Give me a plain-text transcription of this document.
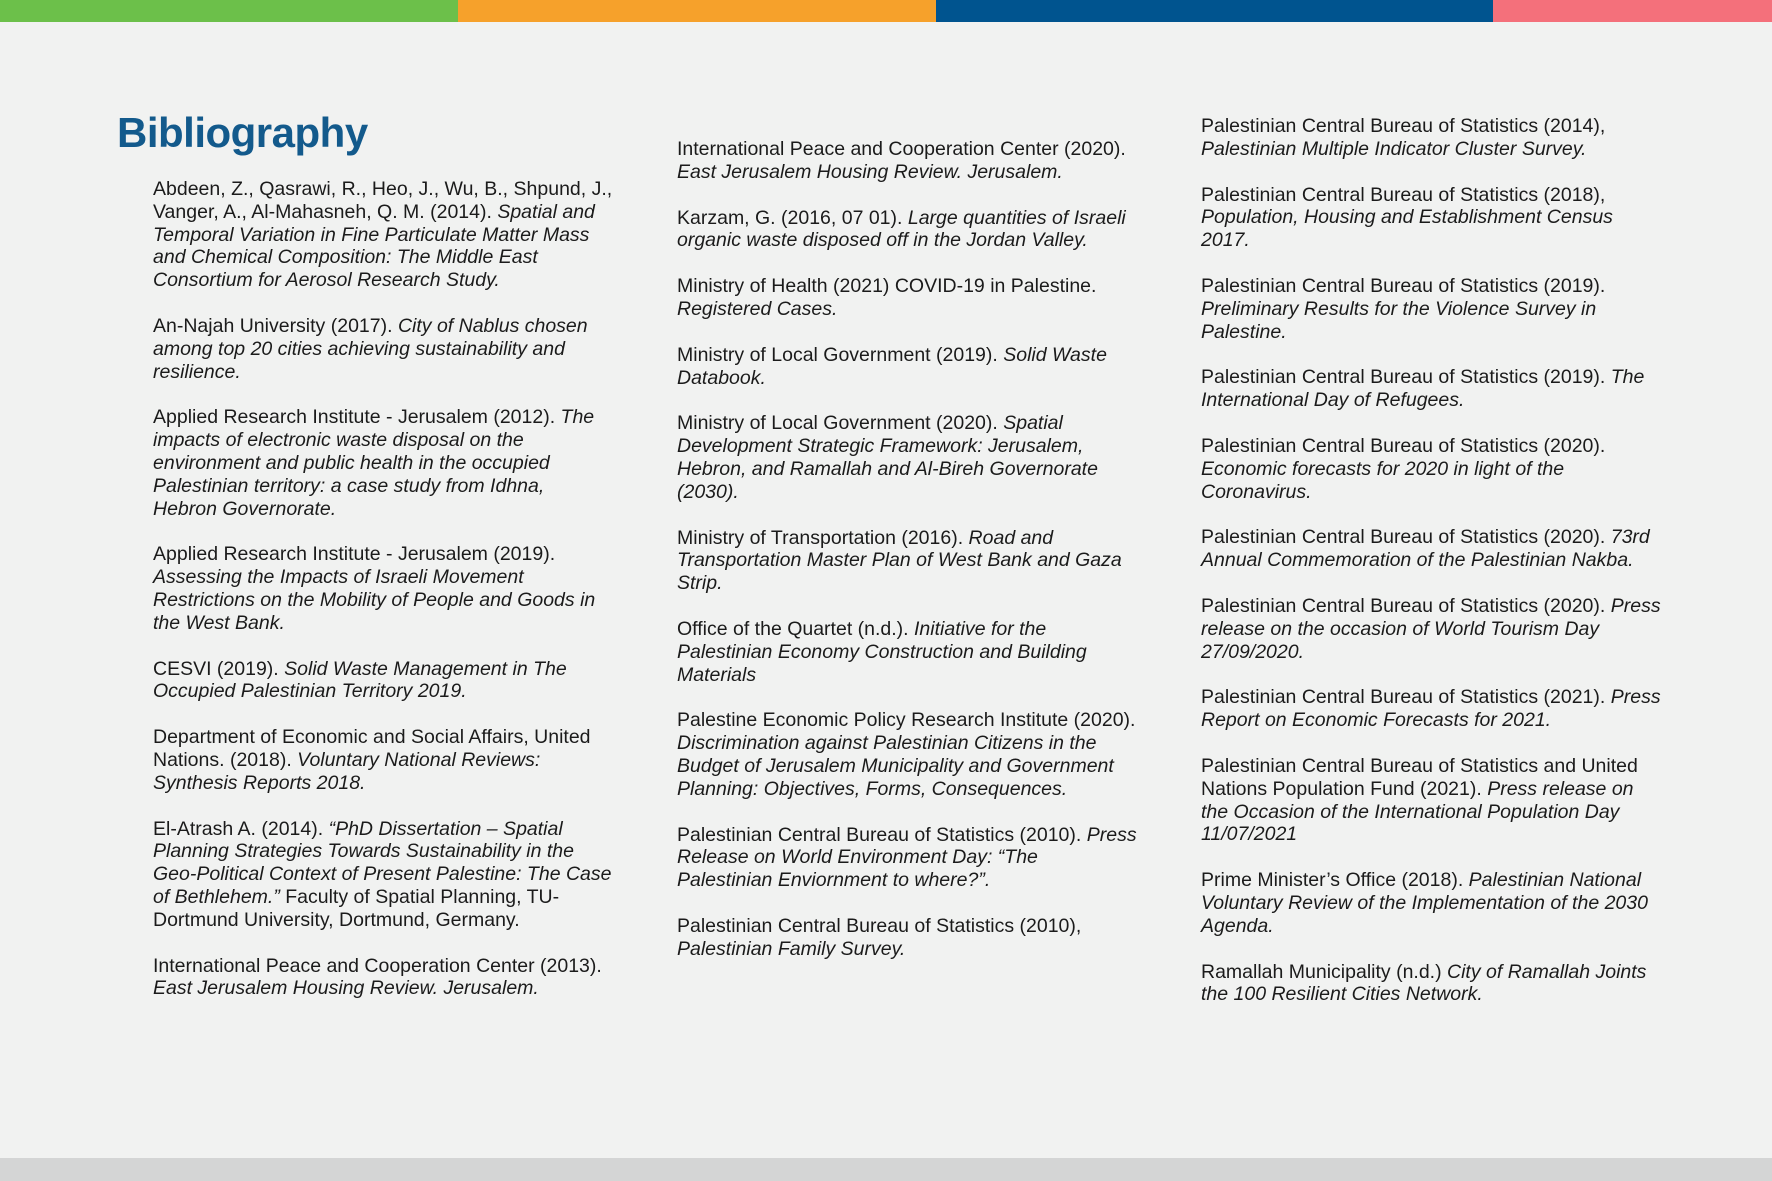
Bibliography

Abdeen, Z., Qasrawi, R., Heo, J., Wu, B., Shpund, J., Vanger, A., Al-Mahasneh, Q. M. (2014). Spatial and Temporal Variation in Fine Particulate Matter Mass and Chemical Composition: The Middle East Consortium for Aerosol Research Study.

An-Najah University (2017). City of Nablus chosen among top 20 cities achieving sustainability and resilience.

Applied Research Institute - Jerusalem (2012). The impacts of electronic waste disposal on the environment and public health in the occupied Palestinian territory: a case study from Idhna, Hebron Governorate.

Applied Research Institute - Jerusalem (2019). Assessing the Impacts of Israeli Movement Restrictions on the Mobility of People and Goods in the West Bank.

CESVI (2019). Solid Waste Management in The Occupied Palestinian Territory 2019.

Department of Economic and Social Affairs, United Nations. (2018). Voluntary National Reviews: Synthesis Reports 2018.

El-Atrash A. (2014). “PhD Dissertation – Spatial Planning Strategies Towards Sustainability in the Geo-Political Context of Present Palestine: The Case of Bethlehem.” Faculty of Spatial Planning, TU-Dortmund University, Dortmund, Germany.

International Peace and Cooperation Center (2013). East Jerusalem Housing Review. Jerusalem.

International Peace and Cooperation Center (2020). East Jerusalem Housing Review. Jerusalem.

Karzam, G. (2016, 07 01). Large quantities of Israeli organic waste disposed off in the Jordan Valley.

Ministry of Health (2021) COVID-19 in Palestine. Registered Cases.

Ministry of Local Government (2019). Solid Waste Databook.

Ministry of Local Government (2020). Spatial Development Strategic Framework: Jerusalem, Hebron, and Ramallah and Al-Bireh Governorate (2030).

Ministry of Transportation (2016). Road and Transportation Master Plan of West Bank and Gaza Strip.

Office of the Quartet (n.d.). Initiative for the Palestinian Economy Construction and Building Materials

Palestine Economic Policy Research Institute (2020). Discrimination against Palestinian Citizens in the Budget of Jerusalem Municipality and Government Planning: Objectives, Forms, Consequences.

Palestinian Central Bureau of Statistics (2010). Press Release on World Environment Day: “The Palestinian Enviornment to where?”.

Palestinian Central Bureau of Statistics (2010), Palestinian Family Survey.

Palestinian Central Bureau of Statistics (2014), Palestinian Multiple Indicator Cluster Survey.

Palestinian Central Bureau of Statistics (2018), Population, Housing and Establishment Census 2017.

Palestinian Central Bureau of Statistics (2019). Preliminary Results for the Violence Survey in Palestine.

Palestinian Central Bureau of Statistics (2019). The International Day of Refugees.

Palestinian Central Bureau of Statistics (2020). Economic forecasts for 2020 in light of the Coronavirus.

Palestinian Central Bureau of Statistics (2020). 73rd Annual Commemoration of the Palestinian Nakba.

Palestinian Central Bureau of Statistics (2020). Press release on the occasion of World Tourism Day 27/09/2020.

Palestinian Central Bureau of Statistics (2021). Press Report on Economic Forecasts for 2021.

Palestinian Central Bureau of Statistics and United Nations Population Fund (2021). Press release on the Occasion of the International Population Day 11/07/2021

Prime Minister’s Office (2018). Palestinian National Voluntary Review of the Implementation of the 2030 Agenda.

Ramallah Municipality (n.d.) City of Ramallah Joints the 100 Resilient Cities Network.
